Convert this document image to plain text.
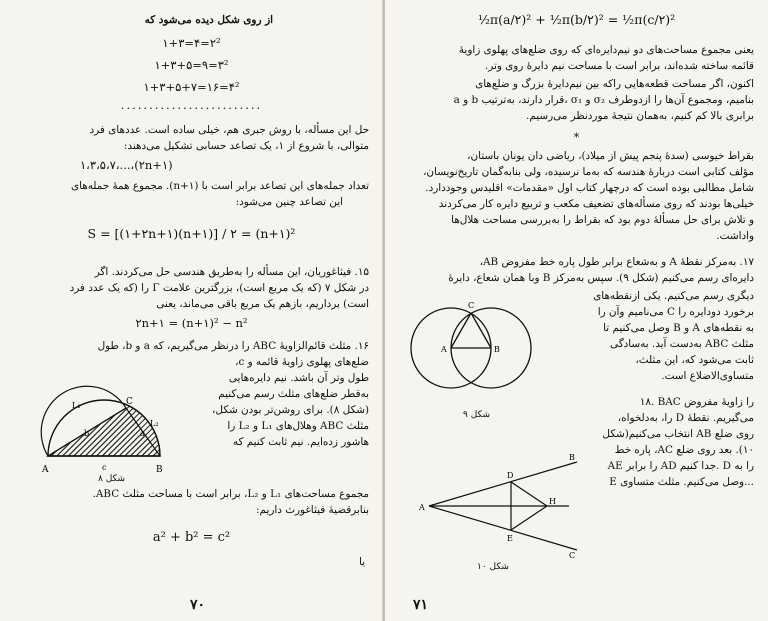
از روی شکل دیده می‌شود که
۱+۳=۴=۲²
۱+۳+۵=۹=۳²
۱+۳+۵+۷=۱۶=۴²
.........................
حل این مسأله، با روش جبری هم، خیلی ساده است. عددهای فرد
متوالی، با شروع از ۱، یک تصاعد حسابی تشکیل می‌دهند:
۱،۳،۵،۷،...،(۲n+۱)
تعداد جمله‌های این تصاعد برابر است با (n+۱). مجموع همهٔ جمله‌های
این تصاعد چنین می‌شود:
S = [(۱+۲n+۱)(n+۱)] / ۲ = (n+۱)²
۱۵. فیثاغوریان، این مسأله را به‌طریق هندسی حل می‌کردند. اگر
در شکل ۷ (که یک مربع است)، بزرگترین علامت Γ را (که یک عدد فرد
است) برداریم، بازهم یک مربع باقی می‌ماند، یعنی
۲n+۱ = (n+۱)² − n²
۱۶. مثلث قائم‌الزاویهٔ ABC را درنظر می‌گیریم، که a و b، طول
ضلع‌های پهلوی زاویهٔ قائمه و c،
طول وتر آن باشد. نیم دایره‌هایی
به‌قطر ضلع‌های مثلث رسم می‌کنیم
(شکل ۸). برای روشن‌تر بودن شکل،
مثلث ABC وهلال‌های L₁ و L₂ را
هاشور زده‌ایم. نیم ثابت کنیم که
مجموع مساحت‌های L₁ و L₂، برابر است با مساحت مثلث ABC.
بنابرقضیهٔ فیثاغورث داریم:
a² + b² = c²
یا
۷۰
A	B
C
L₁
L₂
b
c
a
شکل ۸
½π(a/۲)² + ½π(b/۲)² = ½π(c/۲)²
یعنی مجموع مساحت‌های دو نیم‌دایره‌ای که روی ضلع‌های پهلوی زاویهٔ
قائمه ساخته شده‌اند، برابر است با مساحت نیم دایرهٔ روی وتر.
اکنون، اگر مساحت قطعه‌هایی راکه بین نیم‌دایرهٔ بزرگ و ضلع‌های
a و b قرار دارند، به‌ترتیب، σ₁ و σ₂ بنامیم، ومجموع آن‌ها را ازدوطرف
برابری بالا کم کنیم، به‌همان نتیجهٔ موردنظر می‌رسیم.
*
بقراط خیوسی (سدهٔ پنجم پیش از میلاد)، ریاضی دان یونان باستان،
مؤلف کتابی است دربارهٔ هندسه که به‌ما نرسیده، ولی بنابه‌گمان تاریخ‌نویسان،
شامل مطالبی بوده است که درچهار کتاب اول «مقدمات» اقلیدس وجوددارد.
خیلی‌ها بودند که روی مسأله‌های تضعیف مکعب و تربیع دایره کار می‌کردند
و تلاش برای حل مسألهٔ دوم بود که بقراط را به‌بررسی مساحت هلال‌ها
واداشت.
۱۷. به‌مرکز نقطهٔ A و به‌شعاع برابر طول پاره خط مفروض AB،
دایره‌ای رسم می‌کنیم (شکل ۹). سپس به‌مرکز B وبا همان شعاع، دایرهٔ
دیگری رسم می‌کنیم. یکی ازنقطه‌های
برخورد دودایره را C می‌نامیم وآن را
به نقطه‌های A و B وصل می‌کنیم تا
مثلث ABC به‌دست آید. به‌سادگی
ثابت می‌شود که، این مثلث،
متساوی‌الاضلاع است.
۱۸. BAC را زاویهٔ مفروض
می‌گیریم. نقطهٔ D را، به‌دلخواه،
روی ضلع AB انتخاب می‌کنیم(شکل
۱۰). بعد روی ضلع AC، پاره خط
AE را برابر AD جدا کنیم. D را به
E وصل می‌کنیم. مثلث متساوی‌...
۷۱
A	B
C
شکل ۹
A
B
C
D
E
H
شکل ۱۰
